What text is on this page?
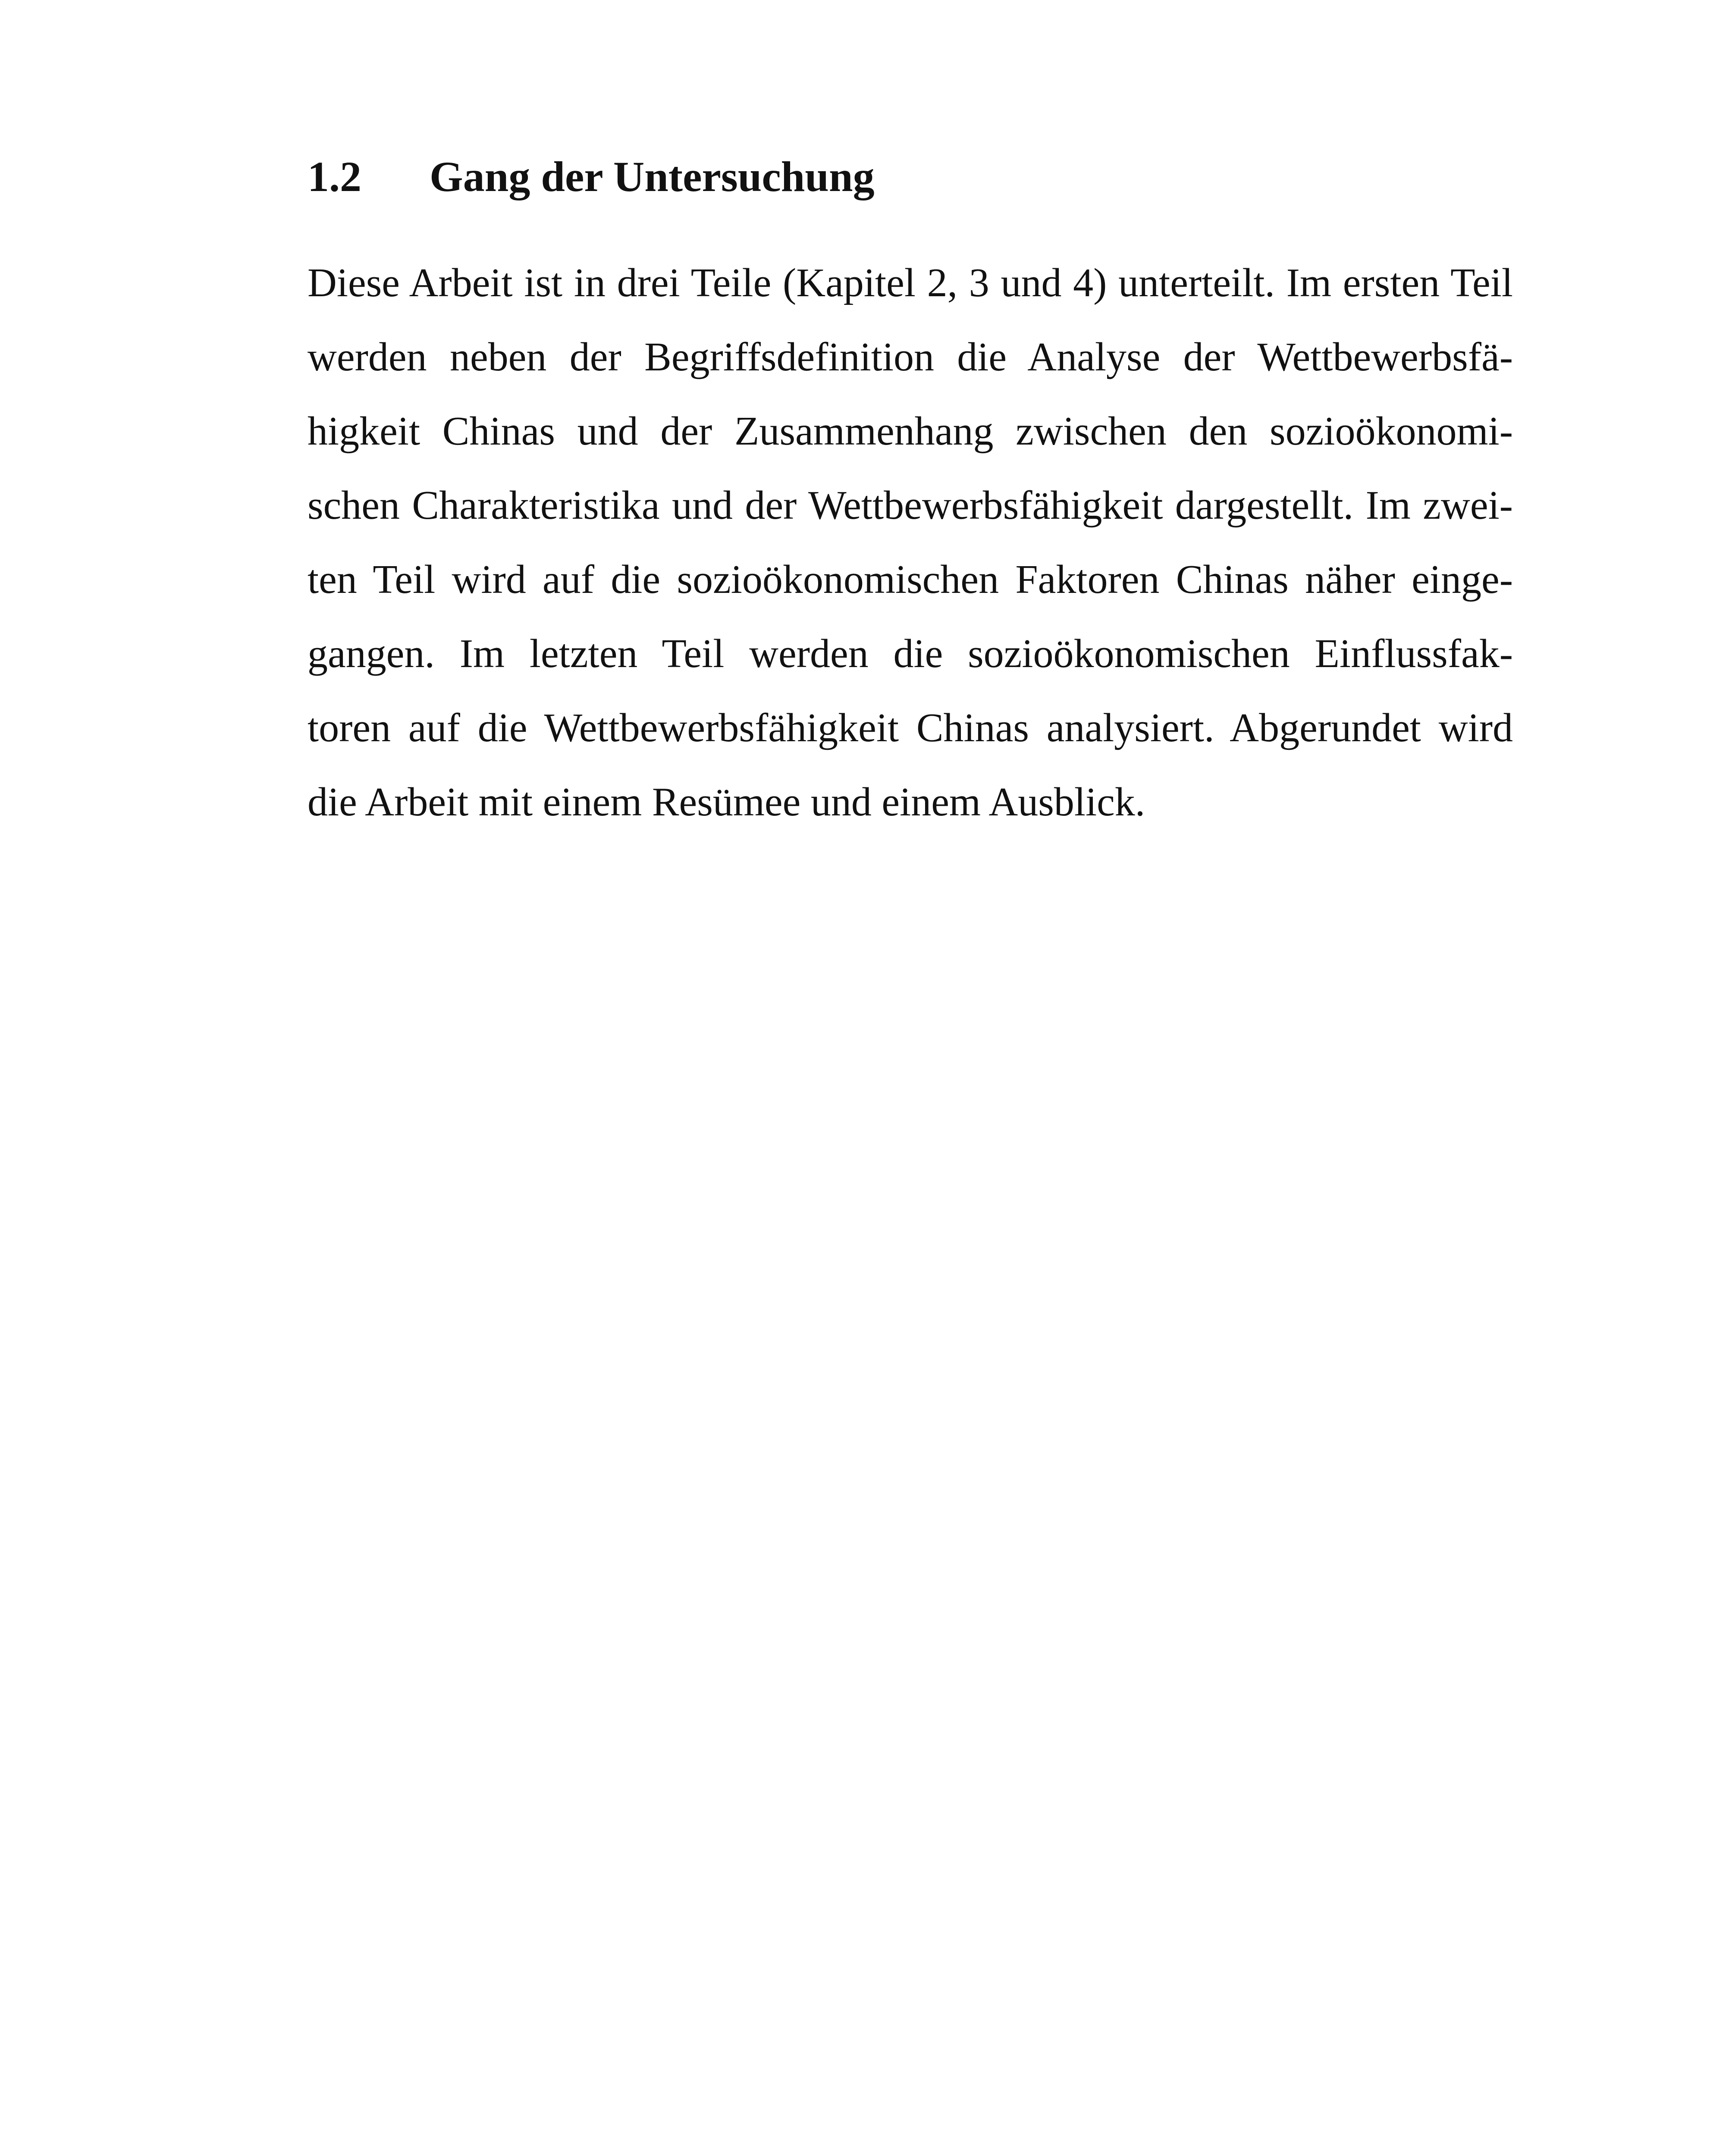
1.2 Gang der Untersuchung

Diese Arbeit ist in drei Teile (Kapitel 2, 3 und 4) unterteilt. Im ersten Teil
werden neben der Begriffsdefinition die Analyse der Wettbewerbsfä-
higkeit Chinas und der Zusammenhang zwischen den sozioökonomi-
schen Charakteristika und der Wettbewerbsfähigkeit dargestellt. Im zwei-
ten Teil wird auf die sozioökonomischen Faktoren Chinas näher einge-
gangen. Im letzten Teil werden die sozioökonomischen Einflussfak-
toren auf die Wettbewerbsfähigkeit Chinas analysiert. Abgerundet wird
die Arbeit mit einem Resümee und einem Ausblick.
